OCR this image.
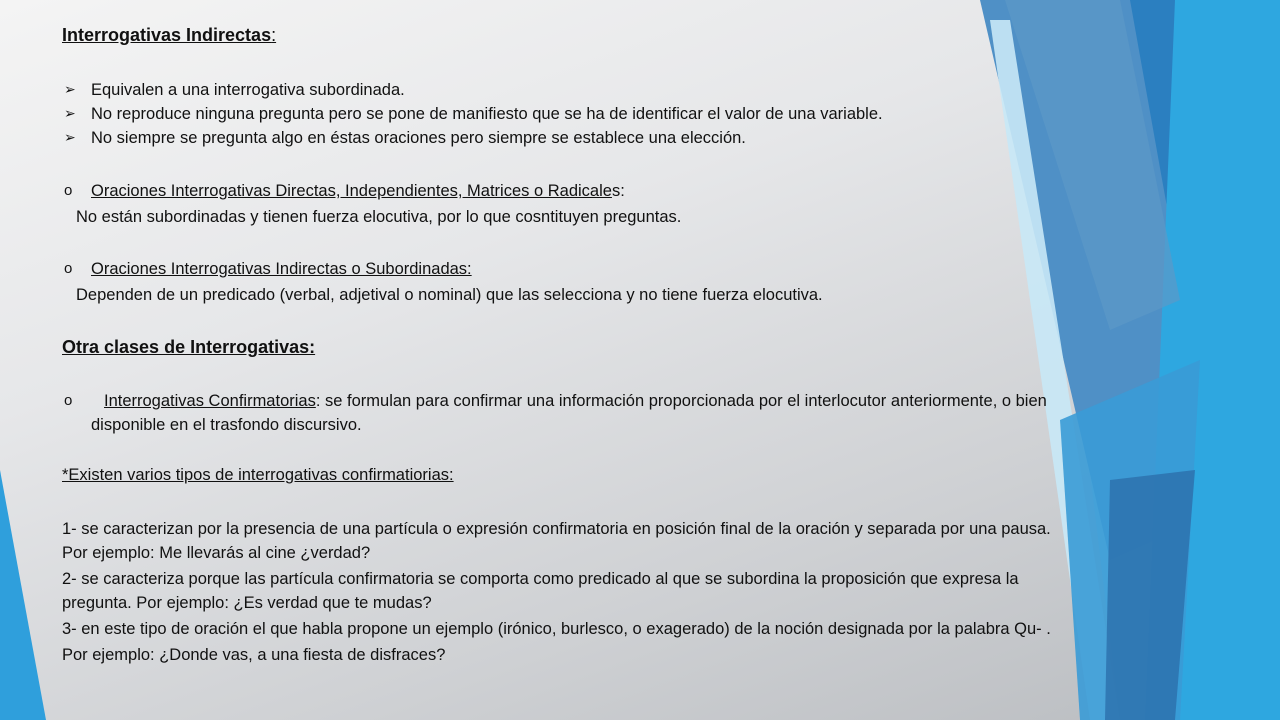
Interrogativas Indirectas:
➢ Equivalen a una interrogativa subordinada.
➢ No reproduce ninguna pregunta pero se pone de manifiesto que se ha de identificar el valor de una variable.
➢ No siempre se pregunta algo en éstas oraciones pero siempre se establece una elección.
o Oraciones Interrogativas Directas, Independientes, Matrices o Radicales:
No están subordinadas y tienen fuerza elocutiva, por lo que cosntituyen preguntas.
o Oraciones Interrogativas Indirectas o Subordinadas:
Dependen de un predicado (verbal, adjetival o nominal) que las selecciona y no tiene fuerza elocutiva.
Otra clases de Interrogativas:
o Interrogativas Confirmatorias: se formulan para confirmar una información proporcionada por el interlocutor anteriormente, o bien
disponible en el trasfondo discursivo.
*Existen varios tipos de interrogativas confirmatiorias:
1- se caracterizan por la presencia de una partícula o expresión confirmatoria en posición final de la oración y separada por una pausa.
Por ejemplo: Me llevarás al cine ¿verdad?
2- se caracteriza porque las partícula confirmatoria se comporta como predicado al que se subordina la proposición que expresa la
pregunta. Por ejemplo: ¿Es verdad que te mudas?
3- en este tipo de oración el que habla propone un ejemplo (irónico, burlesco, o exagerado) de la noción designada por la palabra Qu- .
Por ejemplo: ¿Donde vas, a una fiesta de disfraces?
